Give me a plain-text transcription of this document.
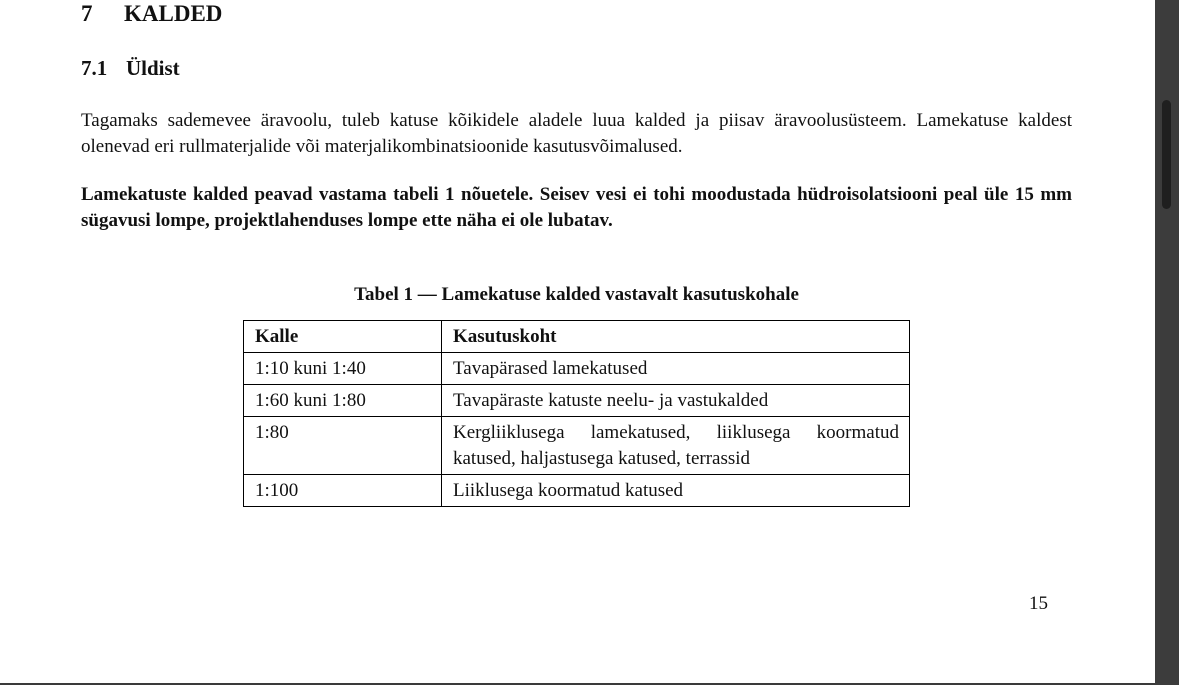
7 KALDED
7.1 Üldist
Tagamaks sademevee äravoolu, tuleb katuse kõikidele aladele luua kalded ja piisav äravoolusüsteem. Lamekatuse kaldest olenevad eri rullmaterjalide või materjalikombinatsioonide kasutusvõimalused.
Lamekatuste kalded peavad vastama tabeli 1 nõuetele. Seisev vesi ei tohi moodustada hüdroisolatsiooni peal üle 15 mm sügavusi lompe, projektlahenduses lompe ette näha ei ole lubatav.
Tabel 1 — Lamekatuse kalded vastavalt kasutuskohale
Kalle	Kasutuskoht
1:10 kuni 1:40	Tavapärased lamekatused
1:60 kuni 1:80	Tavapäraste katuste neelu- ja vastukalded
1:80	Kergliiklusega lamekatused, liiklusega koormatud katused, haljastusega katused, terrassid
1:100	Liiklusega koormatud katused
15
